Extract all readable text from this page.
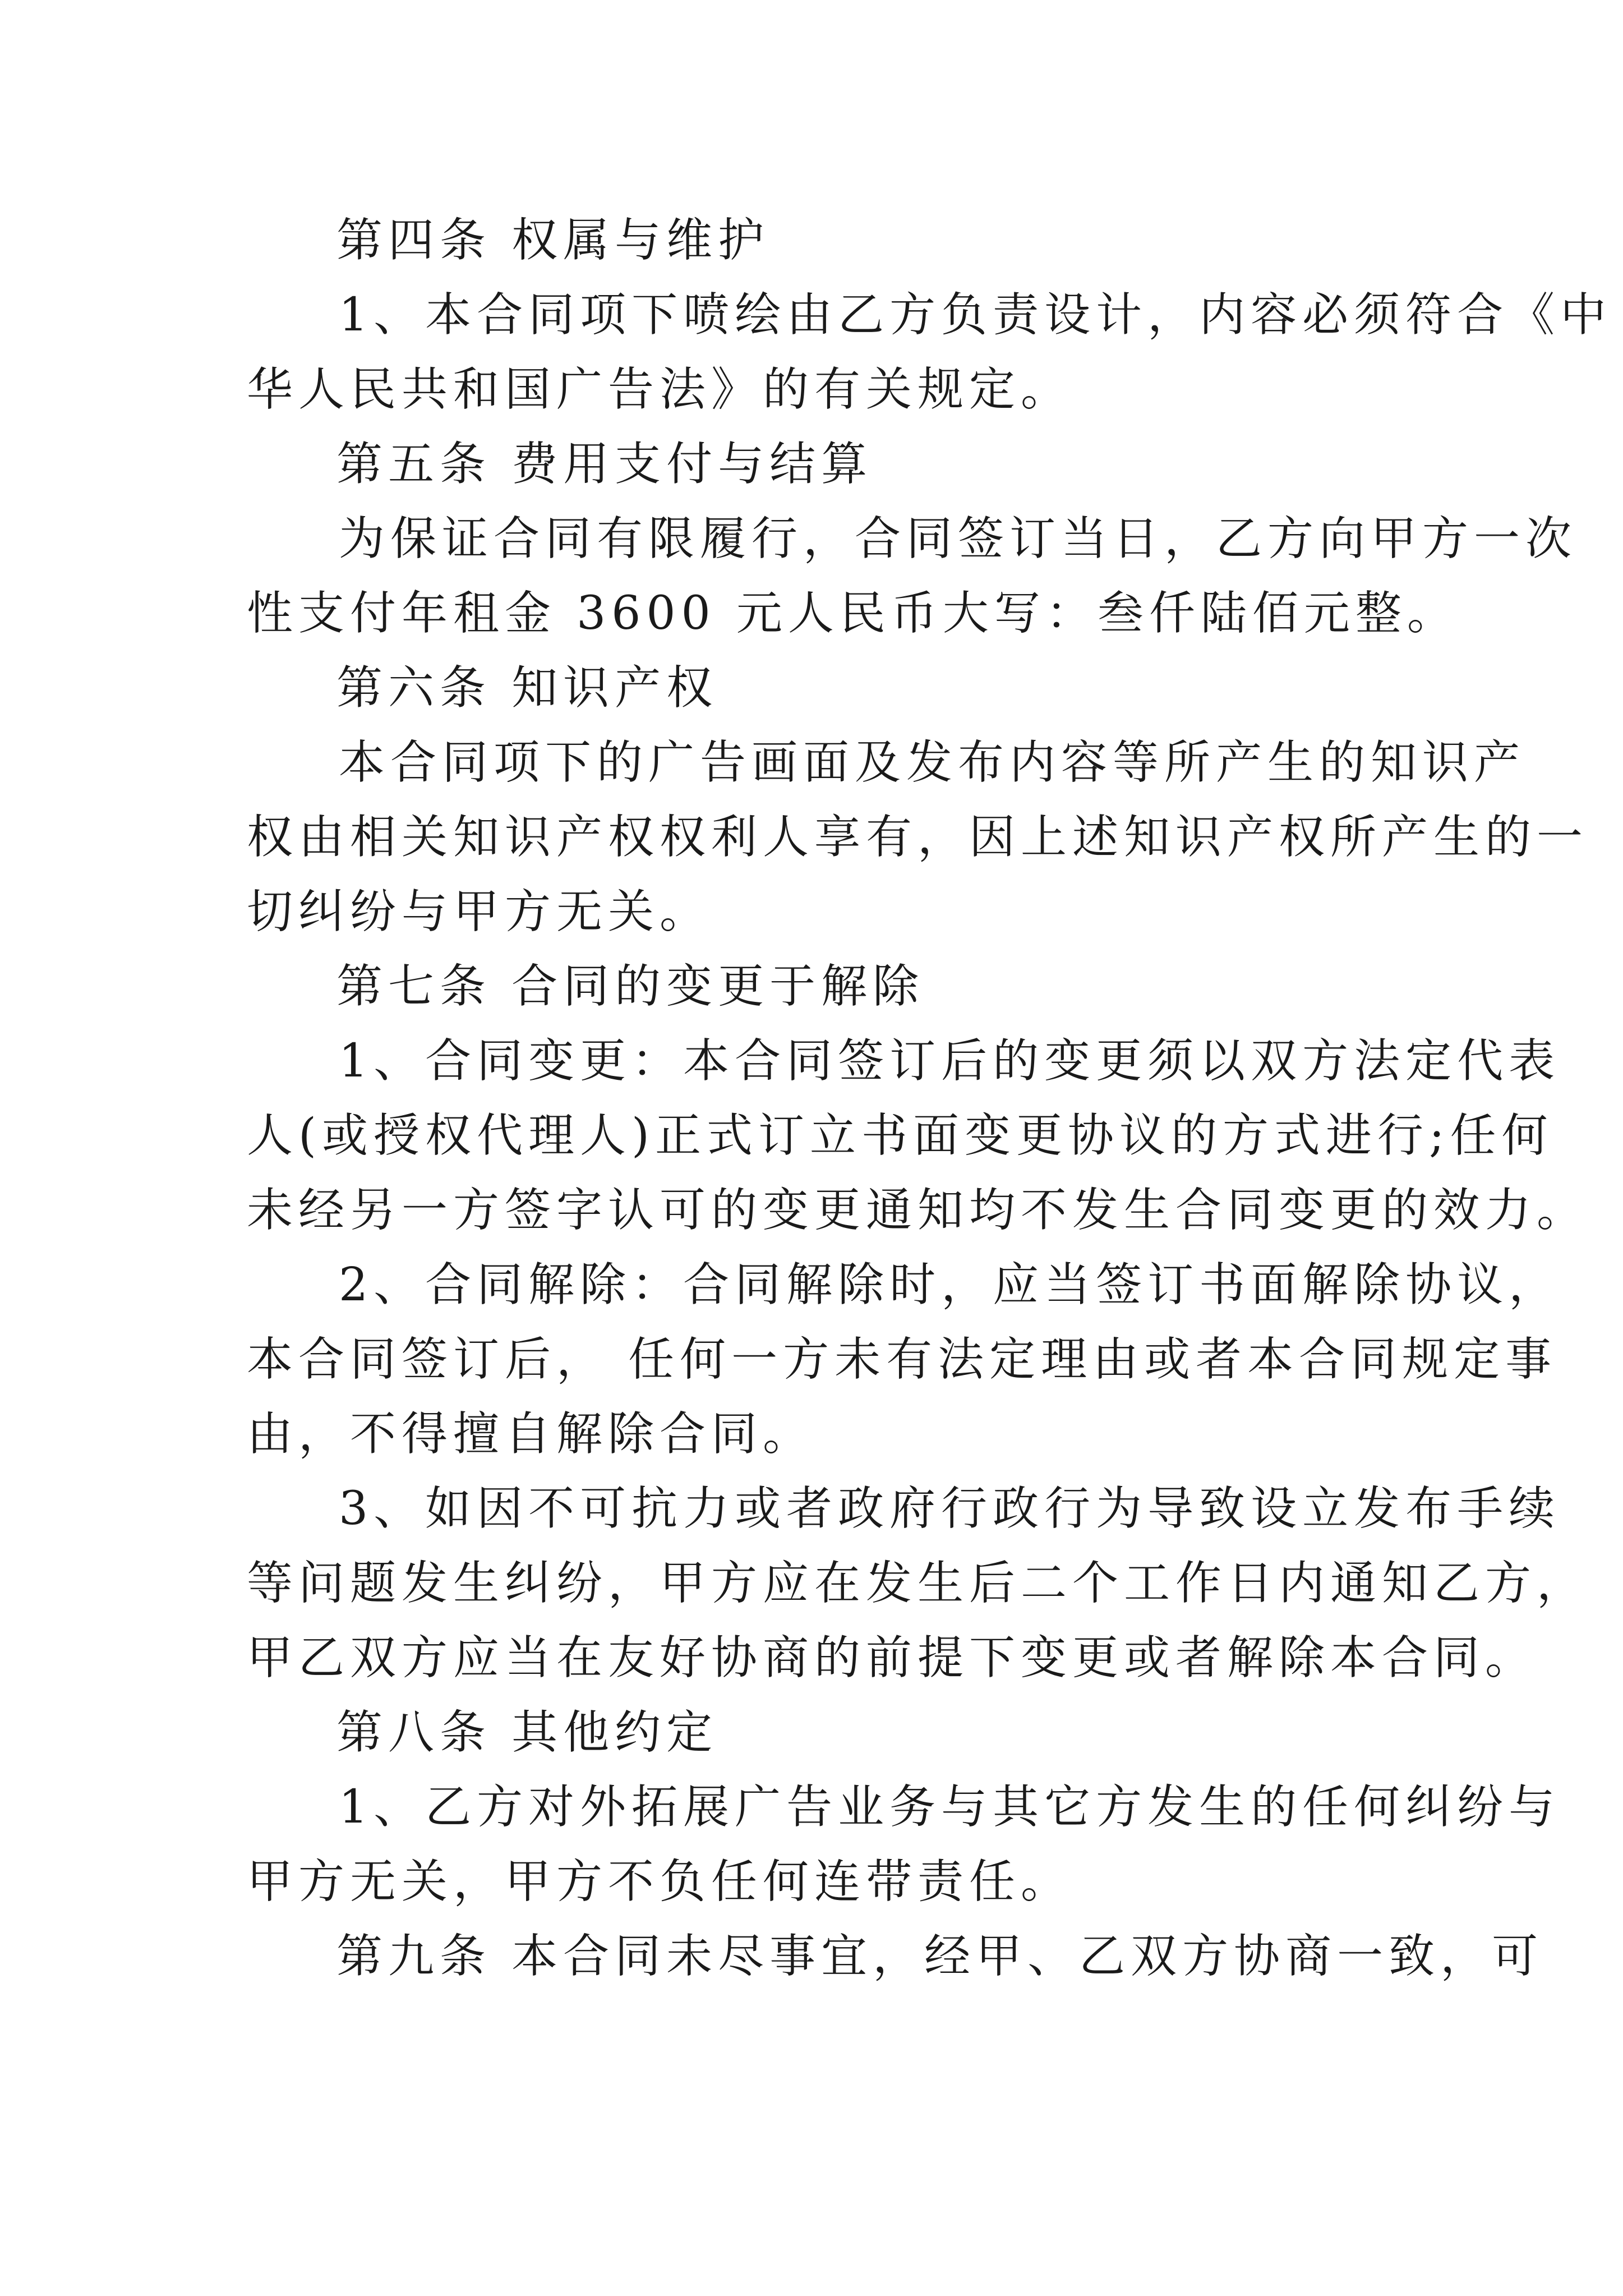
第四条 权属与维护
1、本合同项下喷绘由乙方负责设计，内容必须符合《中
华人民共和国广告法》的有关规定。
第五条 费用支付与结算
为保证合同有限履行，合同签订当日，乙方向甲方一次
性支付年租金 3600 元人民币大写：叁仟陆佰元整。
第六条 知识产权
本合同项下的广告画面及发布内容等所产生的知识产
权由相关知识产权权利人享有，因上述知识产权所产生的一
切纠纷与甲方无关。
第七条 合同的变更于解除
1、合同变更：本合同签订后的变更须以双方法定代表
人(或授权代理人)正式订立书面变更协议的方式进行;任何
未经另一方签字认可的变更通知均不发生合同变更的效力。
2、合同解除：合同解除时，应当签订书面解除协议，
本合同签订后， 任何一方未有法定理由或者本合同规定事
由，不得擅自解除合同。
3、如因不可抗力或者政府行政行为导致设立发布手续
等问题发生纠纷，甲方应在发生后二个工作日内通知乙方，
甲乙双方应当在友好协商的前提下变更或者解除本合同。
第八条 其他约定
1、乙方对外拓展广告业务与其它方发生的任何纠纷与
甲方无关，甲方不负任何连带责任。
第九条 本合同未尽事宜，经甲、乙双方协商一致，可
